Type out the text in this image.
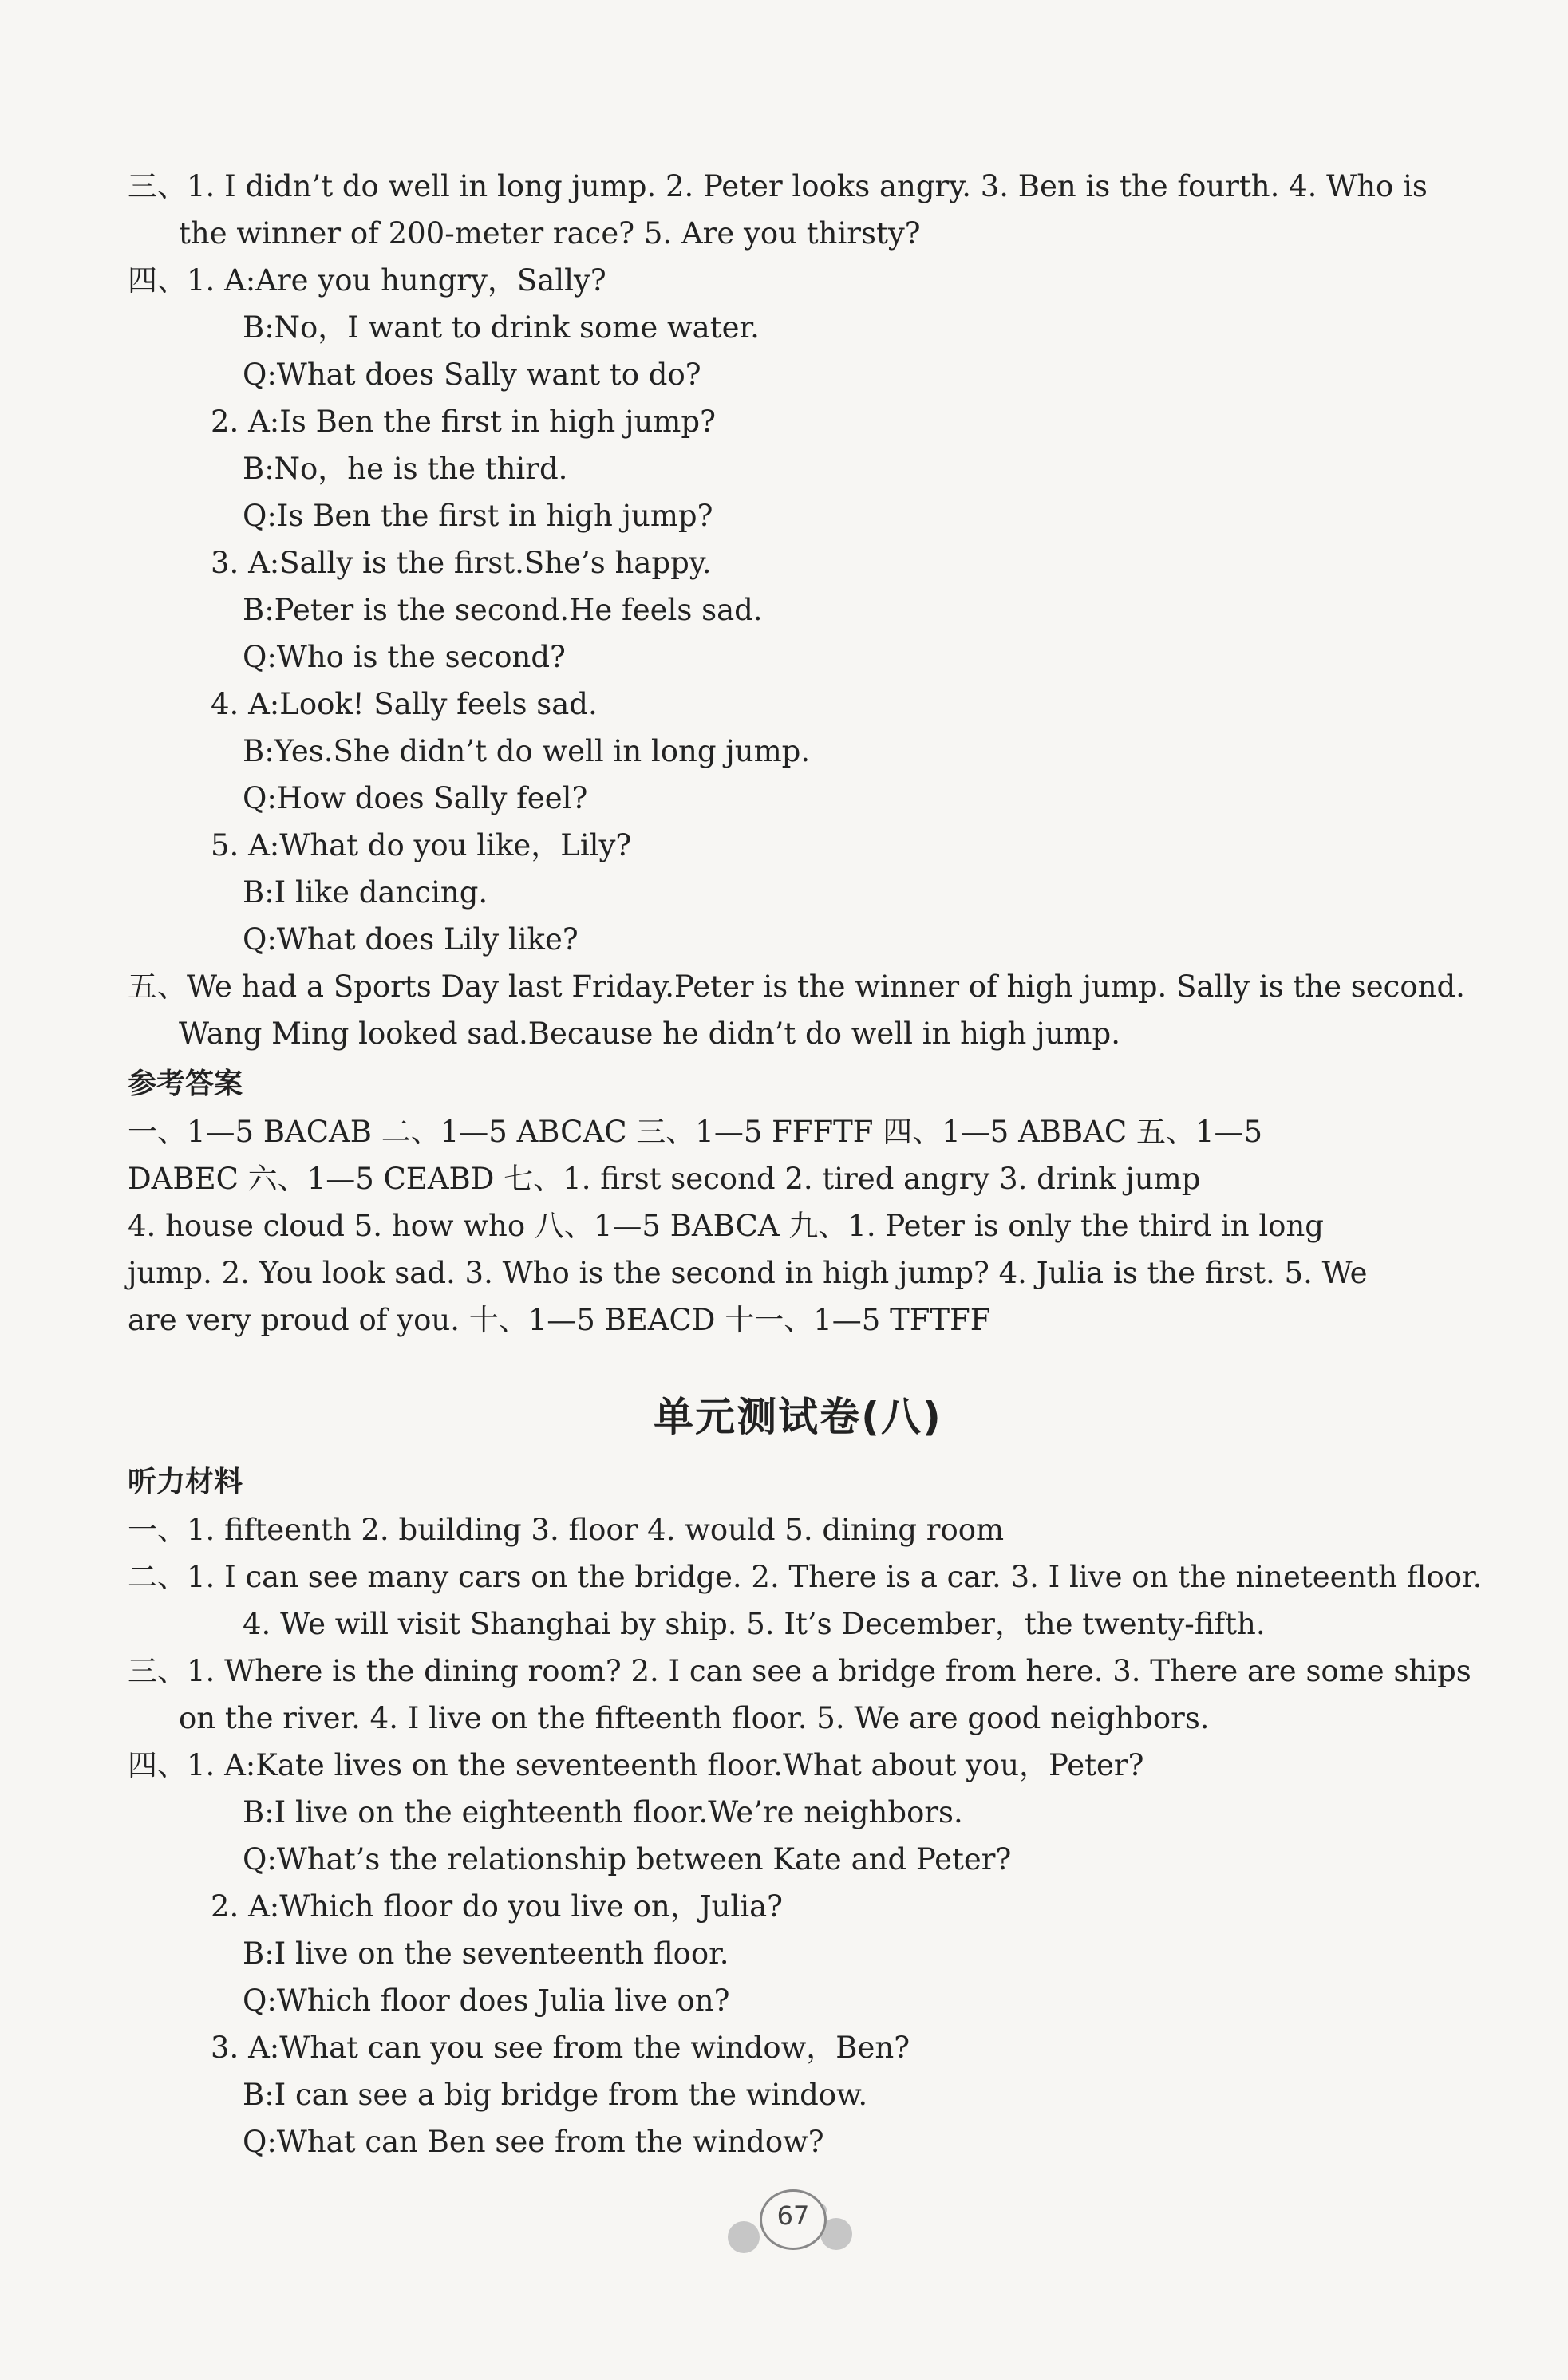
三、1. I didn’t do well in long jump. 2. Peter looks angry. 3. Ben is the fourth. 4. Who is
the winner of 200-meter race? 5. Are you thirsty?
四、1. A:Are you hungry，Sally?
B:No，I want to drink some water.
Q:What does Sally want to do?
2. A:Is Ben the first in high jump?
B:No，he is the third.
Q:Is Ben the first in high jump?
3. A:Sally is the first.She’s happy.
B:Peter is the second.He feels sad.
Q:Who is the second?
4. A:Look! Sally feels sad.
B:Yes.She didn’t do well in long jump.
Q:How does Sally feel?
5. A:What do you like，Lily?
B:I like dancing.
Q:What does Lily like?
五、We had a Sports Day last Friday.Peter is the winner of high jump. Sally is the second.
Wang Ming looked sad.Because he didn’t do well in high jump.
参考答案
一、1—5 BACAB 二、1—5 ABCAC 三、1—5 FFFTF 四、1—5 ABBAC 五、1—5
DABEC 六、1—5 CEABD 七、1. first second 2. tired angry 3. drink jump
4. house cloud 5. how who 八、1—5 BABCA 九、1. Peter is only the third in long
jump. 2. You look sad. 3. Who is the second in high jump? 4. Julia is the first. 5. We
are very proud of you. 十、1—5 BEACD 十一、1—5 TFTFF
单元测试卷(八)
听力材料
一、1. fifteenth 2. building 3. floor 4. would 5. dining room
二、1. I can see many cars on the bridge. 2. There is a car. 3. I live on the nineteenth floor.
4. We will visit Shanghai by ship. 5. It’s December，the twenty-fifth.
三、1. Where is the dining room? 2. I can see a bridge from here. 3. There are some ships
on the river. 4. I live on the fifteenth floor. 5. We are good neighbors.
四、1. A:Kate lives on the seventeenth floor.What about you，Peter?
B:I live on the eighteenth floor.We’re neighbors.
Q:What’s the relationship between Kate and Peter?
2. A:Which floor do you live on，Julia?
B:I live on the seventeenth floor.
Q:Which floor does Julia live on?
3. A:What can you see from the window，Ben?
B:I can see a big bridge from the window.
Q:What can Ben see from the window?
67
